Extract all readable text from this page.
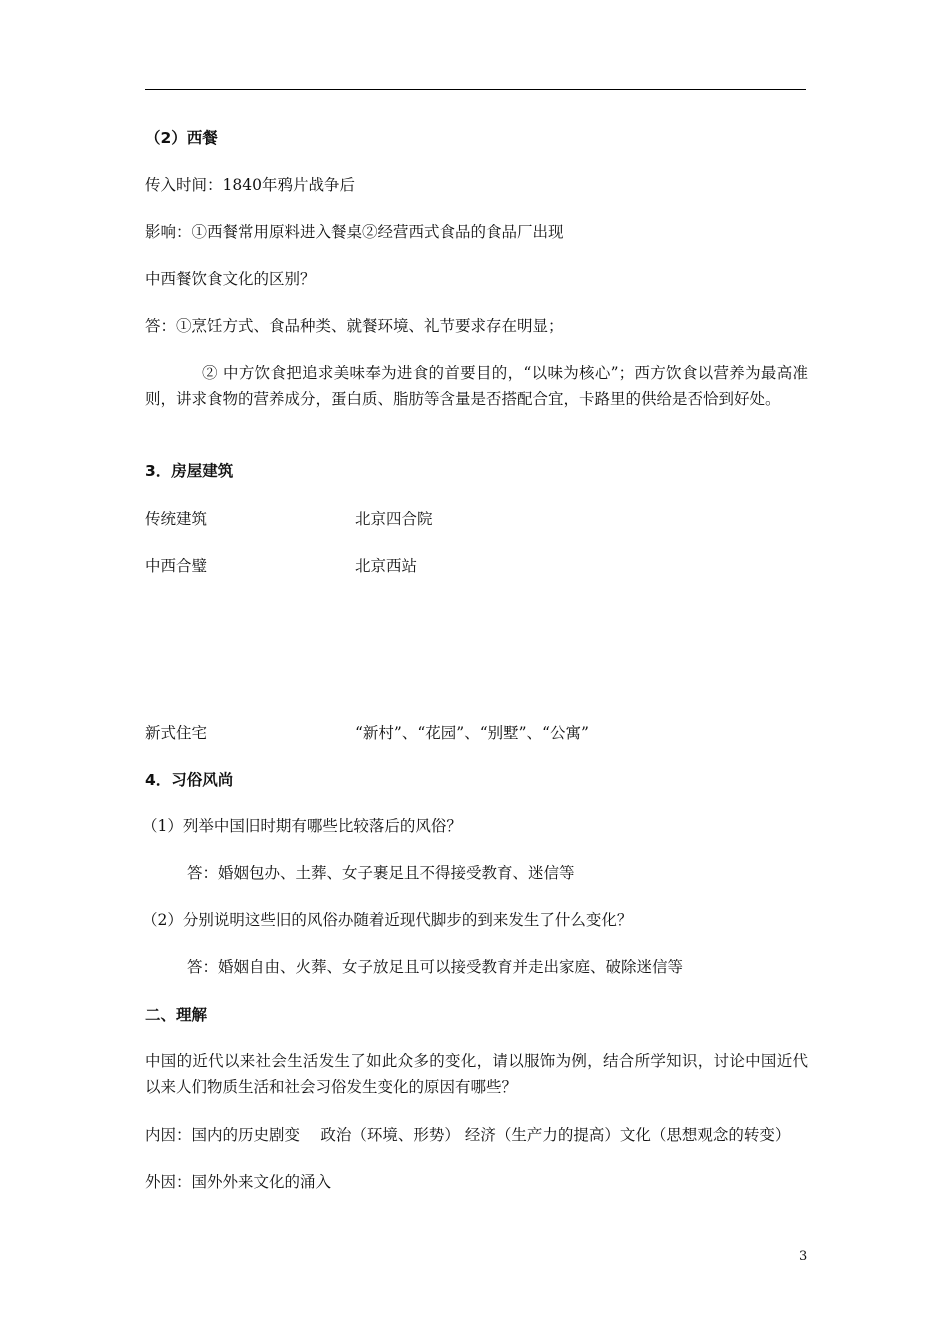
（2）西餐
传入时间：1840年鸦片战争后
影响：①西餐常用原料进入餐桌②经营西式食品的食品厂出现
中西餐饮食文化的区别？
答：①烹饪方式、食品种类、就餐环境、礼节要求存在明显；
② 中方饮食把追求美味奉为进食的首要目的，“以味为核心”；西方饮食以营养为最高准则，讲求食物的营养成分，蛋白质、脂肪等含量是否搭配合宜，卡路里的供给是否恰到好处。
3．房屋建筑
传统建筑	北京四合院
中西合璧	北京西站
新式住宅	“新村”、“花园”、“别墅”、“公寓”
4．习俗风尚
（1）列举中国旧时期有哪些比较落后的风俗？
答：婚姻包办、土葬、女子裹足且不得接受教育、迷信等
（2）分别说明这些旧的风俗办随着近现代脚步的到来发生了什么变化？
答：婚姻自由、火葬、女子放足且可以接受教育并走出家庭、破除迷信等
二、理解
中国的近代以来社会生活发生了如此众多的变化，请以服饰为例，结合所学知识，讨论中国近代以来人们物质生活和社会习俗发生变化的原因有哪些？
内因：国内的历史剧变　 政治（环境、形势） 经济（生产力的提高）文化（思想观念的转变）
外因：国外外来文化的涌入
3
